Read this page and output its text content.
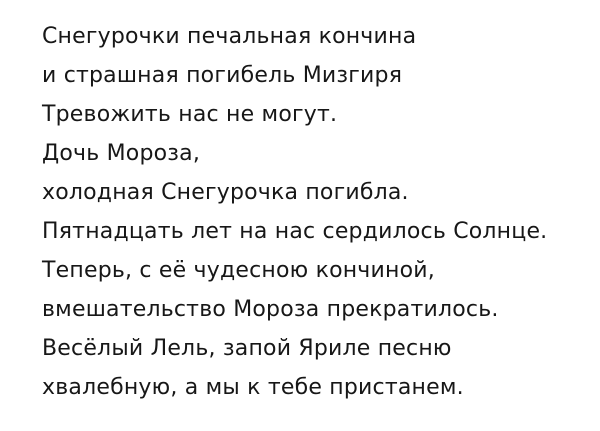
Снегурочки печальная кончина
и страшная погибель Мизгиря
Тревожить нас не могут.
Дочь Мороза,
холодная Снегурочка погибла.
Пятнадцать лет на нас сердилось Солнце.
Теперь, с её чудесною кончиной,
вмешательство Мороза прекратилось.
Весёлый Лель, запой Яриле песню
хвалебную, а мы к тебе пристанем.
